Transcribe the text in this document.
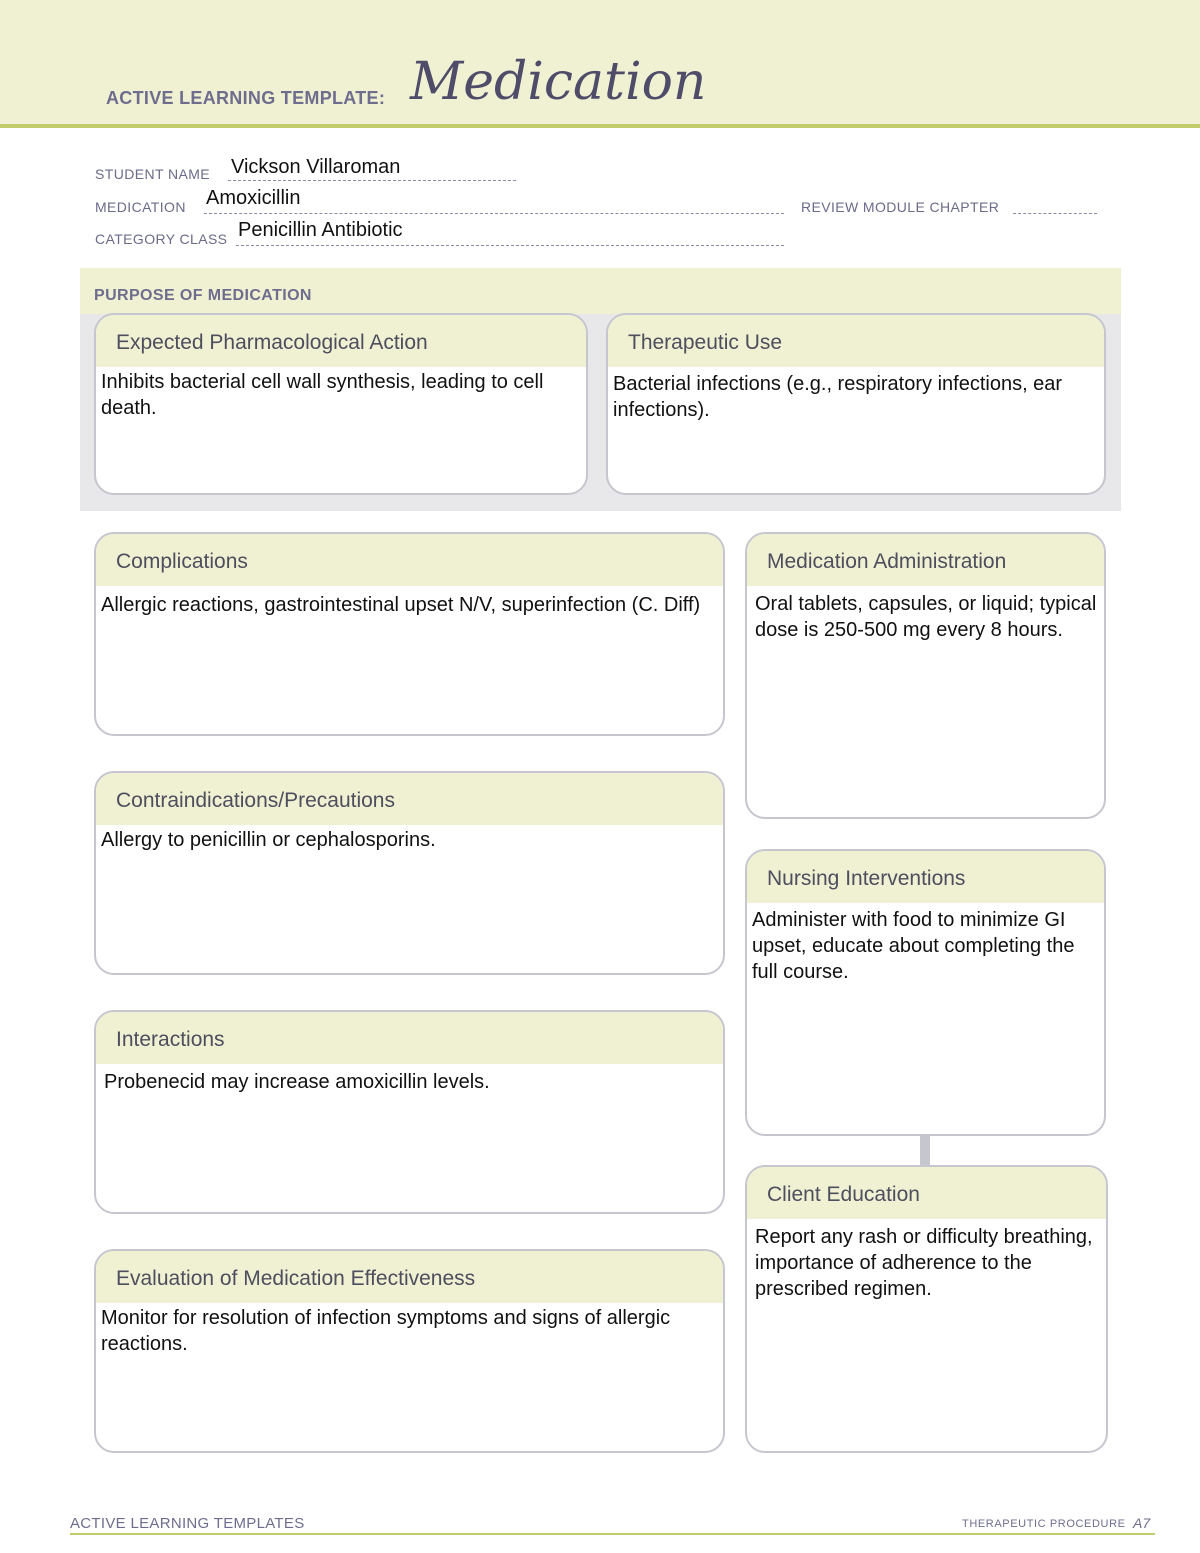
ACTIVE LEARNING TEMPLATE: Medication
STUDENT NAME Vickson Villaroman
MEDICATION Amoxicillin	REVIEW MODULE CHAPTER
CATEGORY CLASS Penicillin Antibiotic
PURPOSE OF MEDICATION
Expected Pharmacological Action
Inhibits bacterial cell wall synthesis, leading to cell death.
Therapeutic Use
Bacterial infections (e.g., respiratory infections, ear infections).
Complications
Allergic reactions, gastrointestinal upset N/V, superinfection (C. Diff)
Contraindications/Precautions
Allergy to penicillin or cephalosporins.
Interactions
Probenecid may increase amoxicillin levels.
Evaluation of Medication Effectiveness
Monitor for resolution of infection symptoms and signs of allergic reactions.
Medication Administration
Oral tablets, capsules, or liquid; typical dose is 250-500 mg every 8 hours.
Nursing Interventions
Administer with food to minimize GI upset, educate about completing the full course.
Client Education
Report any rash or difficulty breathing, importance of adherence to the prescribed regimen.
ACTIVE LEARNING TEMPLATES	THERAPEUTIC PROCEDURE A7
